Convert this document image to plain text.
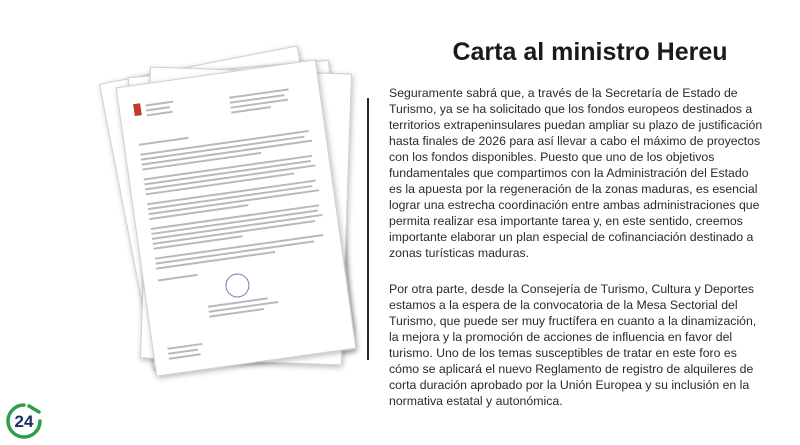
Carta al ministro Hereu

Seguramente sabrá que, a través de la Secretaría de Estado de Turismo, ya se ha solicitado que los fondos europeos destinados a territorios extrapeninsulares puedan ampliar su plazo de justificación hasta finales de 2026 para así llevar a cabo el máximo de proyectos con los fondos disponibles. Puesto que uno de los objetivos fundamentales que compartimos con la Administración del Estado es la apuesta por la regeneración de la zonas maduras, es esencial lograr una estrecha coordinación entre ambas administraciones que permita realizar esa importante tarea y, en este sentido, creemos importante elaborar un plan especial de cofinanciación destinado a zonas turísticas maduras.

Por otra parte, desde la Consejería de Turismo, Cultura y Deportes estamos a la espera de la convocatoria de la Mesa Sectorial del Turismo, que puede ser muy fructífera en cuanto a la dinamización, la mejora y la promoción de acciones de influencia en favor del turismo. Uno de los temas susceptibles de tratar en este foro es cómo se aplicará el nuevo Reglamento de registro de alquileres de corta duración aprobado por la Unión Europea y su inclusión en la normativa estatal y autonómica.

24
